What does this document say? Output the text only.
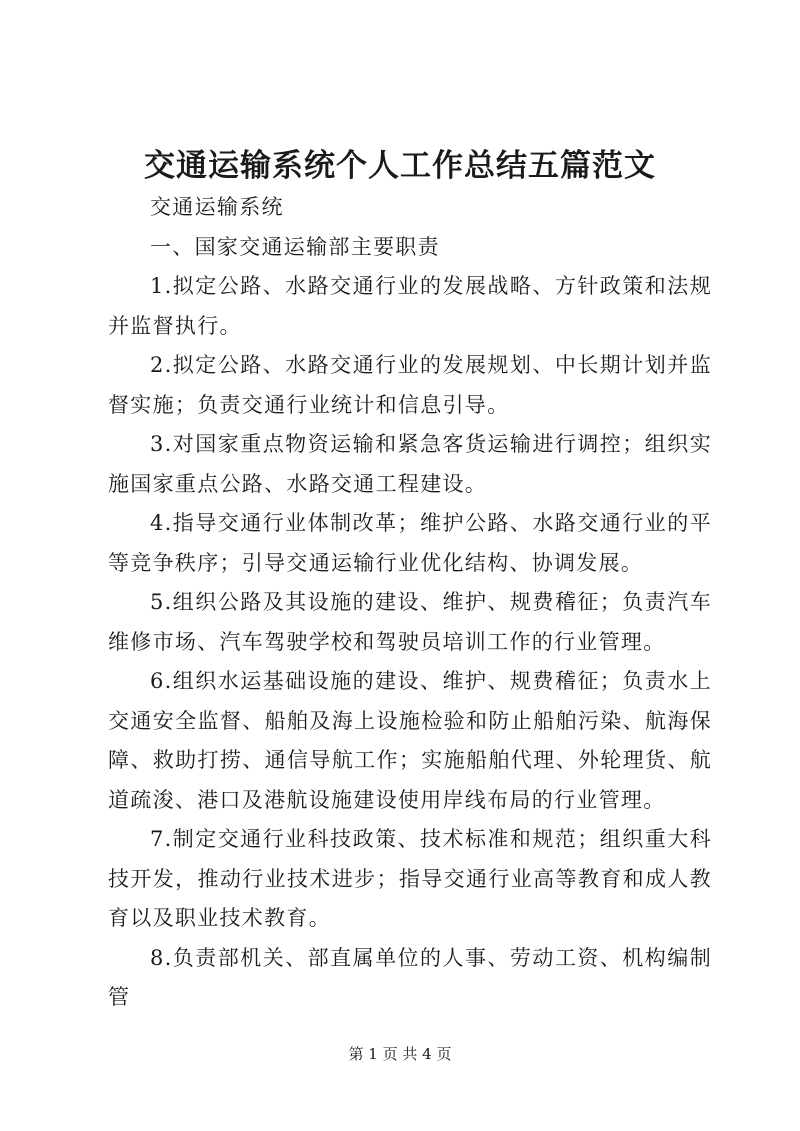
交通运输系统个人工作总结五篇范文

交通运输系统

一、国家交通运输部主要职责

1.拟定公路、水路交通行业的发展战略、方针政策和法规并监督执行。

2.拟定公路、水路交通行业的发展规划、中长期计划并监督实施；负责交通行业统计和信息引导。

3.对国家重点物资运输和紧急客货运输进行调控；组织实施国家重点公路、水路交通工程建设。

4.指导交通行业体制改革；维护公路、水路交通行业的平等竞争秩序；引导交通运输行业优化结构、协调发展。

5.组织公路及其设施的建设、维护、规费稽征；负责汽车维修市场、汽车驾驶学校和驾驶员培训工作的行业管理。

6.组织水运基础设施的建设、维护、规费稽征；负责水上交通安全监督、船舶及海上设施检验和防止船舶污染、航海保障、救助打捞、通信导航工作；实施船舶代理、外轮理货、航道疏浚、港口及港航设施建设使用岸线布局的行业管理。

7.制定交通行业科技政策、技术标准和规范；组织重大科技开发，推动行业技术进步；指导交通行业高等教育和成人教育以及职业技术教育。

8.负责部机关、部直属单位的人事、劳动工资、机构编制管

第 1 页 共 4 页
